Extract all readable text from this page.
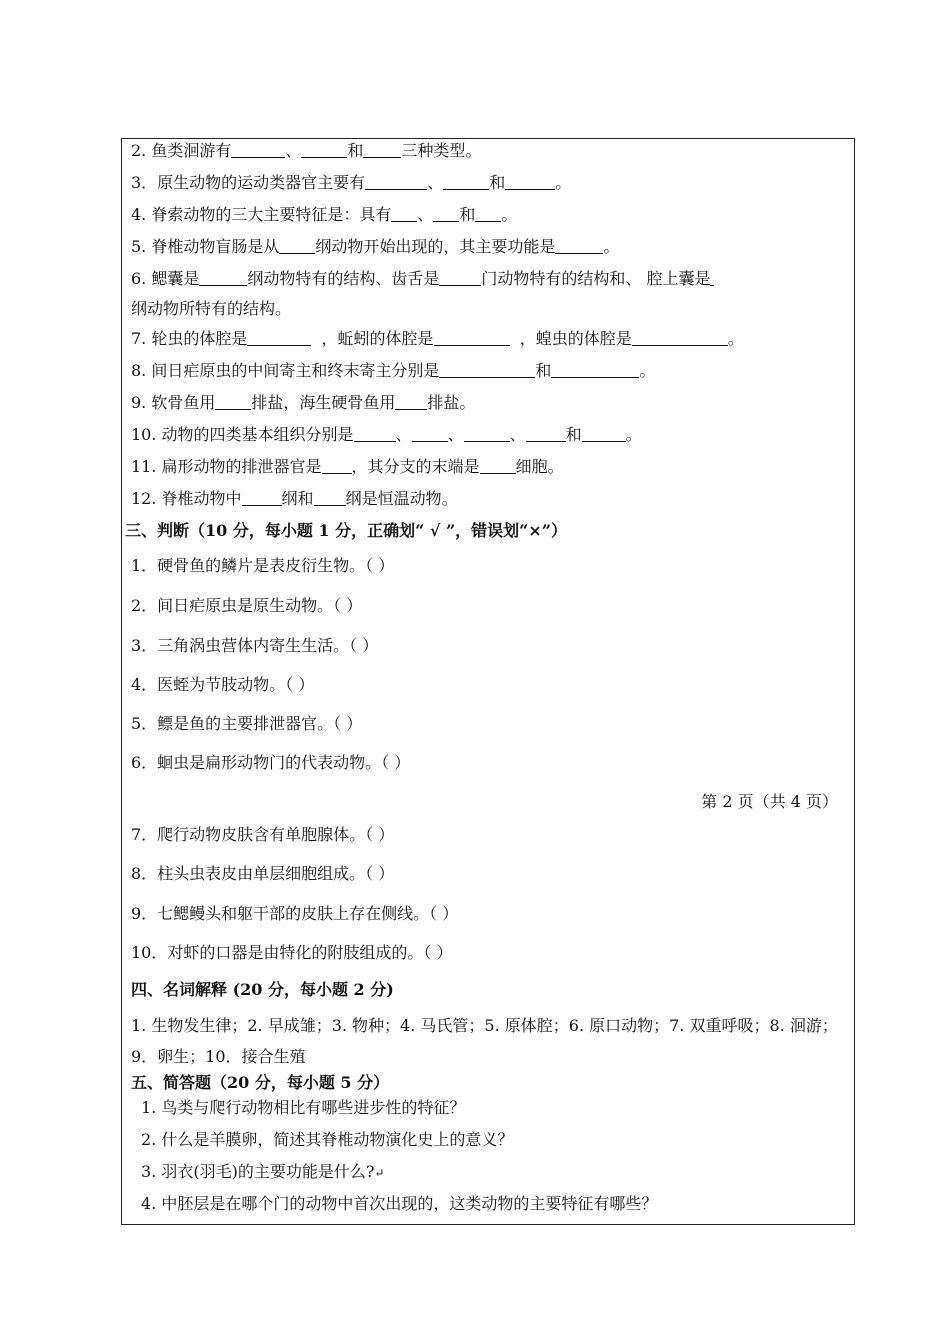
2. 鱼类洄游有	、	和 三种类型。
3．原生动物的运动类器官主要有	、	和	。
4. 脊索动物的三大主要特征是：具有 、 和 。
5. 脊椎动物盲肠是从 纲动物开始出现的，其主要功能是	。
6. 鳃囊是	纲动物特有的结构、齿舌是	门动物特有的结构和、 腔上囊是
纲动物所特有的结构。
7. 轮虫的体腔是	，蚯蚓的体腔是	，蝗虫的体腔是	。
8. 间日疟原虫的中间寄主和终末寄主分别是	和	。
9. 软骨鱼用 排盐，海生硬骨鱼用 排盐。
10. 动物的四类基本组织分别是	、 、	、	和	。
11. 扁形动物的排泄器官是 ，其分支的末端是 细胞。
12. 脊椎动物中	纲和 纲是恒温动物。
三、判断（10 分，每小题 1 分，正确划“ √ ”，错误划“×”）
1．硬骨鱼的鳞片是表皮衍生物。（ ）
2．间日疟原虫是原生动物。（ ）
3．三角涡虫营体内寄生生活。（ ）
4．医蛭为节肢动物。（ ）
5．鳔是鱼的主要排泄器官。（ ）
6．蛔虫是扁形动物门的代表动物。（ ）
第 2 页（共 4 页）
7．爬行动物皮肤含有单胞腺体。（ ）
8．柱头虫表皮由单层细胞组成。（ ）
9．七鳃鳗头和躯干部的皮肤上存在侧线。（ ）
10．对虾的口器是由特化的附肢组成的。（ ）
四、名词解释 (20 分，每小题 2 分)
1. 生物发生律；2. 早成雏；3. 物种；4. 马氏管；5. 原体腔；6. 原口动物；7. 双重呼吸；8. 洄游；9．卵生；10．接合生殖
五、简答题（20 分，每小题 5 分）
1. 鸟类与爬行动物相比有哪些进步性的特征？
2. 什么是羊膜卵，简述其脊椎动物演化史上的意义？
3. 羽衣(羽毛)的主要功能是什么?↵
4. 中胚层是在哪个门的动物中首次出现的，这类动物的主要特征有哪些？
